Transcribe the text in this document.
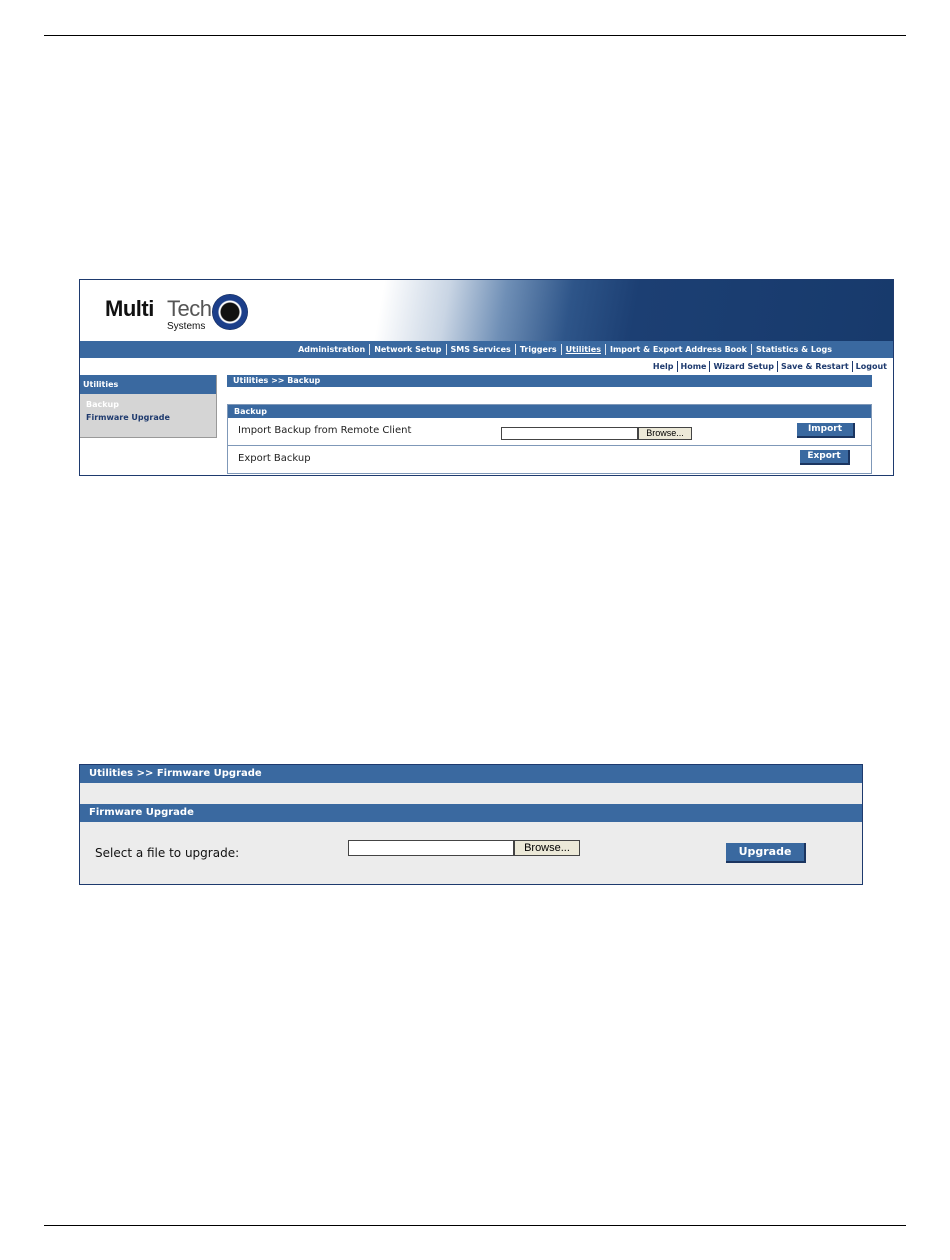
Multi Tech
Systems
Administration	Network Setup	SMS Services	Triggers	Utilities	Import & Export Address Book	Statistics & Logs
Help Home Wizard Setup Save & Restart Logout
Utilities
Backup
Firmware Upgrade
Utilities >> Backup
Backup
Import Backup from Remote Client	Browse...	Import
Export Backup	Export
Utilities >> Firmware Upgrade
Firmware Upgrade
Select a file to upgrade:	Browse...	Upgrade
